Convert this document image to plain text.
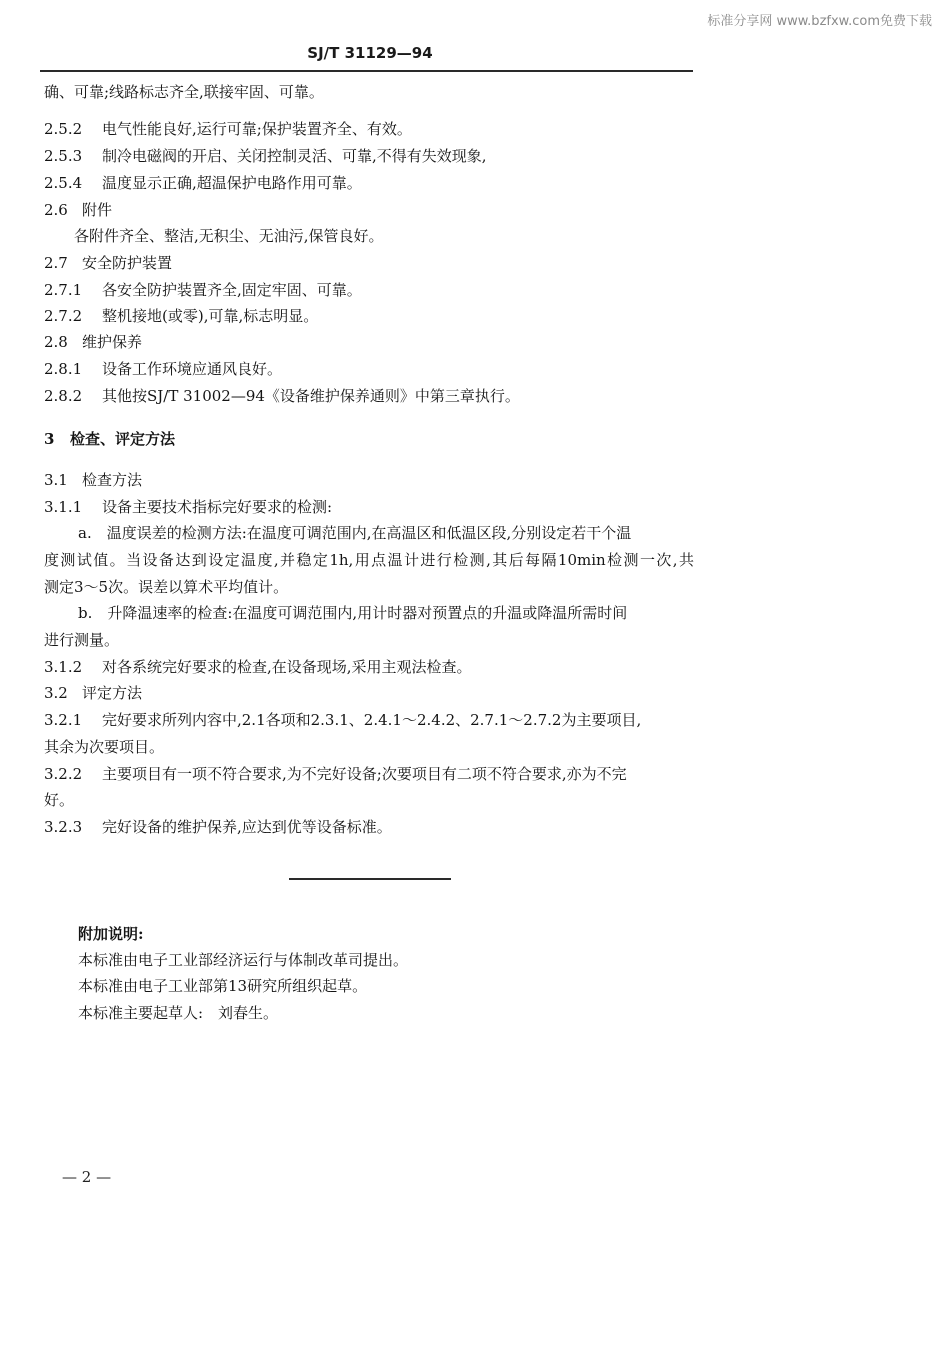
标准分享网 www.bzfxw.com免费下载
SJ/T 31129—94
确、可靠;线路标志齐全,联接牢固、可靠。
2.5.2 电气性能良好,运行可靠;保护装置齐全、有效。
2.5.3 制冷电磁阀的开启、关闭控制灵活、可靠,不得有失效现象,
2.5.4 温度显示正确,超温保护电路作用可靠。
2.6 附件
各附件齐全、整洁,无积尘、无油污,保管良好。
2.7 安全防护装置
2.7.1 各安全防护装置齐全,固定牢固、可靠。
2.7.2 整机接地(或零),可靠,标志明显。
2.8 维护保养
2.8.1 设备工作环境应通风良好。
2.8.2 其他按SJ/T 31002—94《设备维护保养通则》中第三章执行。
3 检查、评定方法
3.1 检查方法
3.1.1 设备主要技术指标完好要求的检测:
a.　温度误差的检测方法:在温度可调范围内,在高温区和低温区段,分别设定若干个温
度测试值。当设备达到设定温度,并稳定1h,用点温计进行检测,其后每隔10min检测一次,共
测定3～5次。误差以算术平均值计。
b.　升降温速率的检查:在温度可调范围内,用计时器对预置点的升温或降温所需时间
进行测量。
3.1.2 对各系统完好要求的检查,在设备现场,采用主观法检查。
3.2 评定方法
3.2.1 完好要求所列内容中,2.1各项和2.3.1、2.4.1～2.4.2、2.7.1～2.7.2为主要项目,
其余为次要项目。
3.2.2 主要项目有一项不符合要求,为不完好设备;次要项目有二项不符合要求,亦为不完
好。
3.2.3 完好设备的维护保养,应达到优等设备标准。
附加说明:
本标准由电子工业部经济运行与体制改革司提出。
本标准由电子工业部第13研究所组织起草。
本标准主要起草人:　刘春生。
— 2 —
